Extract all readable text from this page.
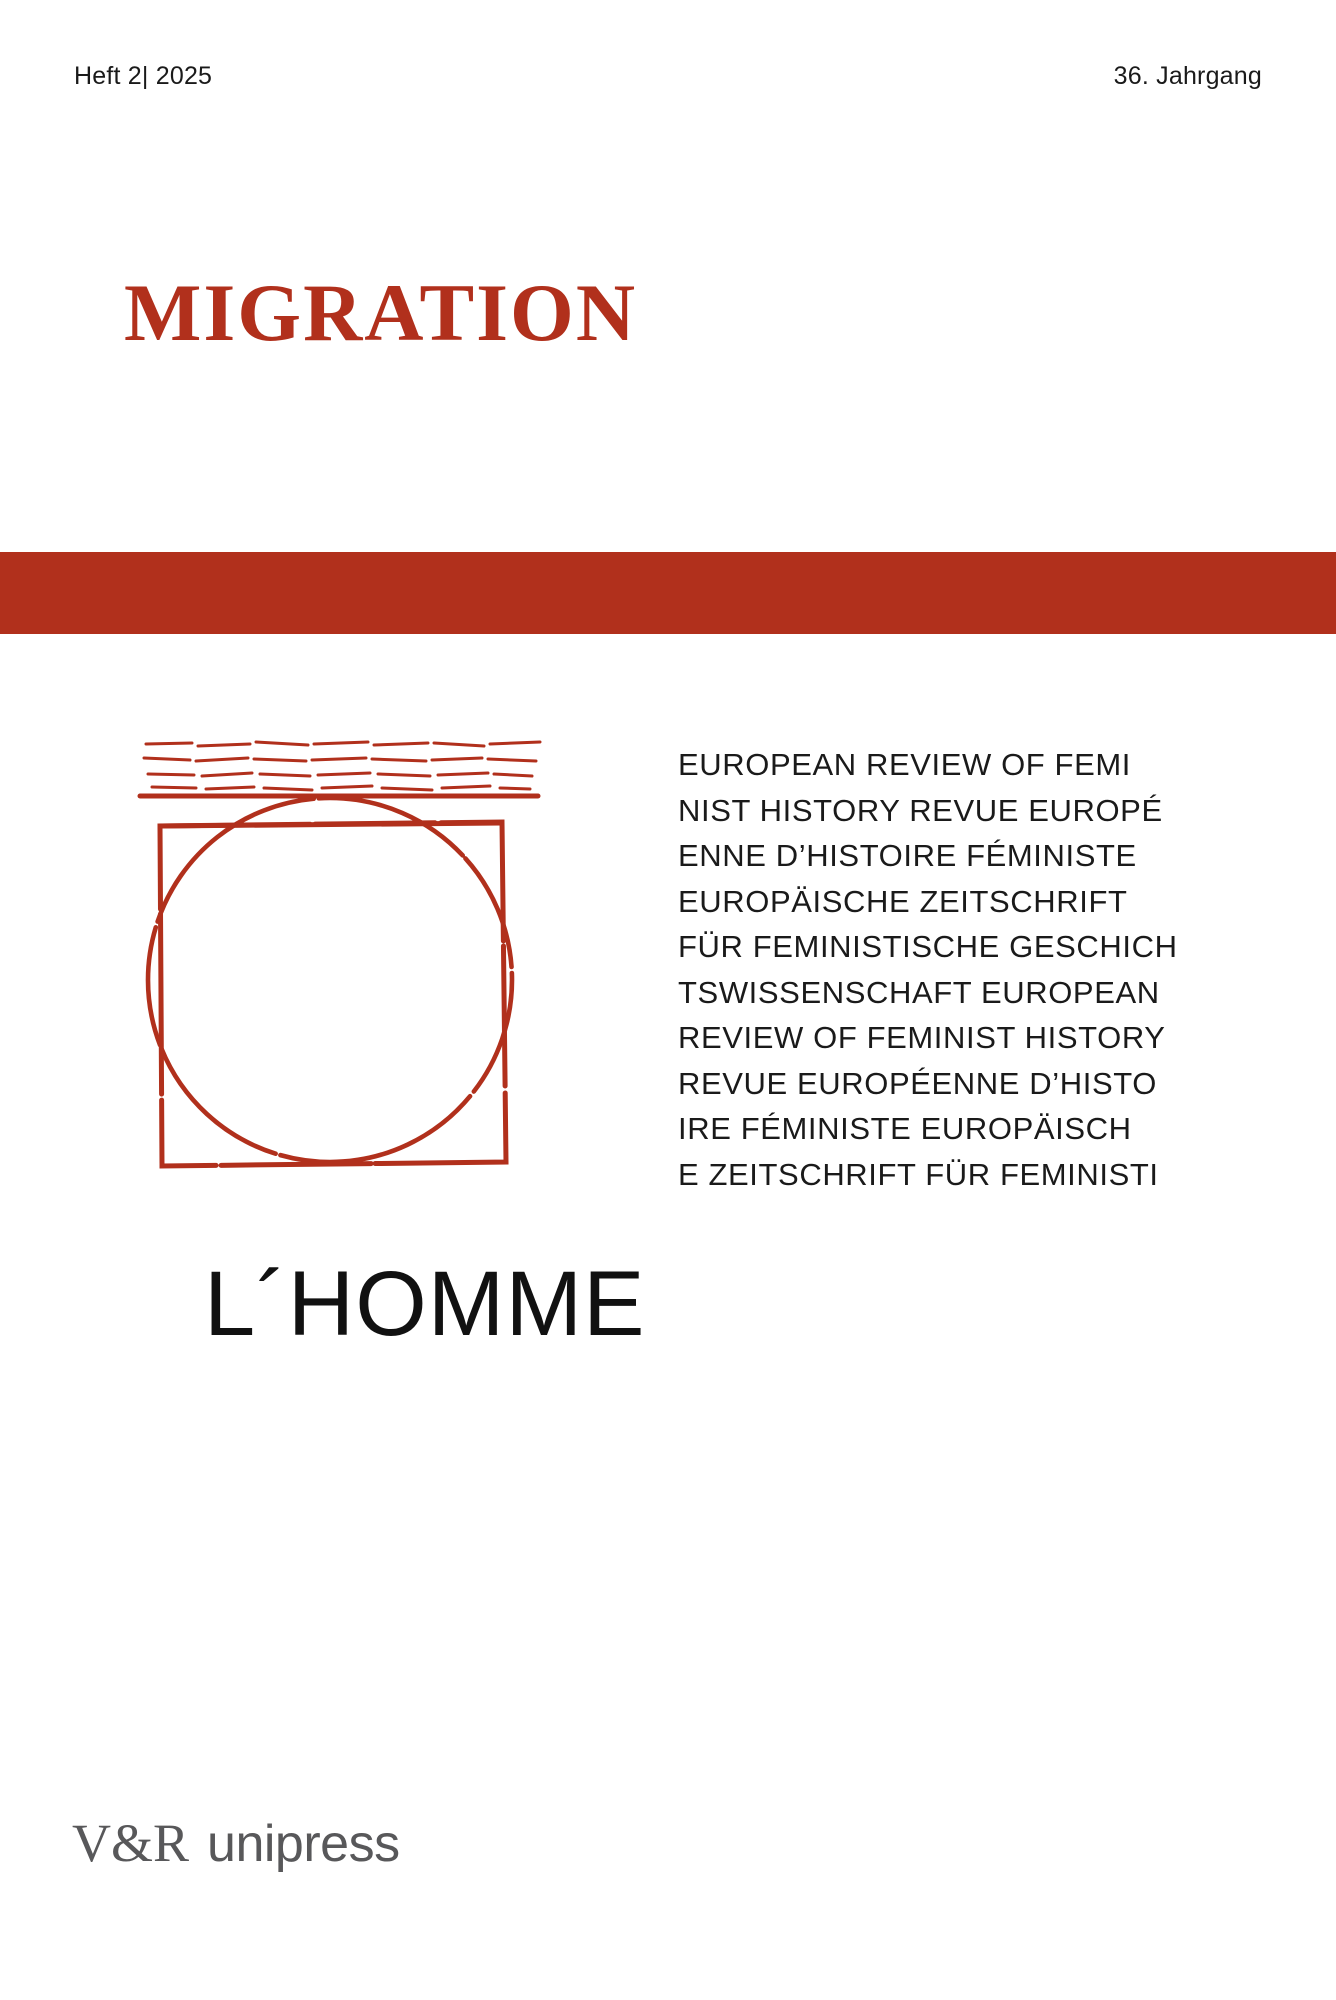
Heft 2| 2025	36. Jahrgang
MIGRATION
L´HOMME
EUROPEAN REVIEW OF FEMI
NIST HISTORY REVUE EUROPÉ
ENNE D’HISTOIRE FÉMINISTE
EUROPÄISCHE ZEITSCHRIFT
FÜR FEMINISTISCHE GESCHICH
TSWISSENSCHAFT EUROPEAN
REVIEW OF FEMINIST HISTORY
REVUE EUROPÉENNE D’HISTO
IRE FÉMINISTE EUROPÄISCH
E ZEITSCHRIFT FÜR FEMINISTI
V&R unipress
